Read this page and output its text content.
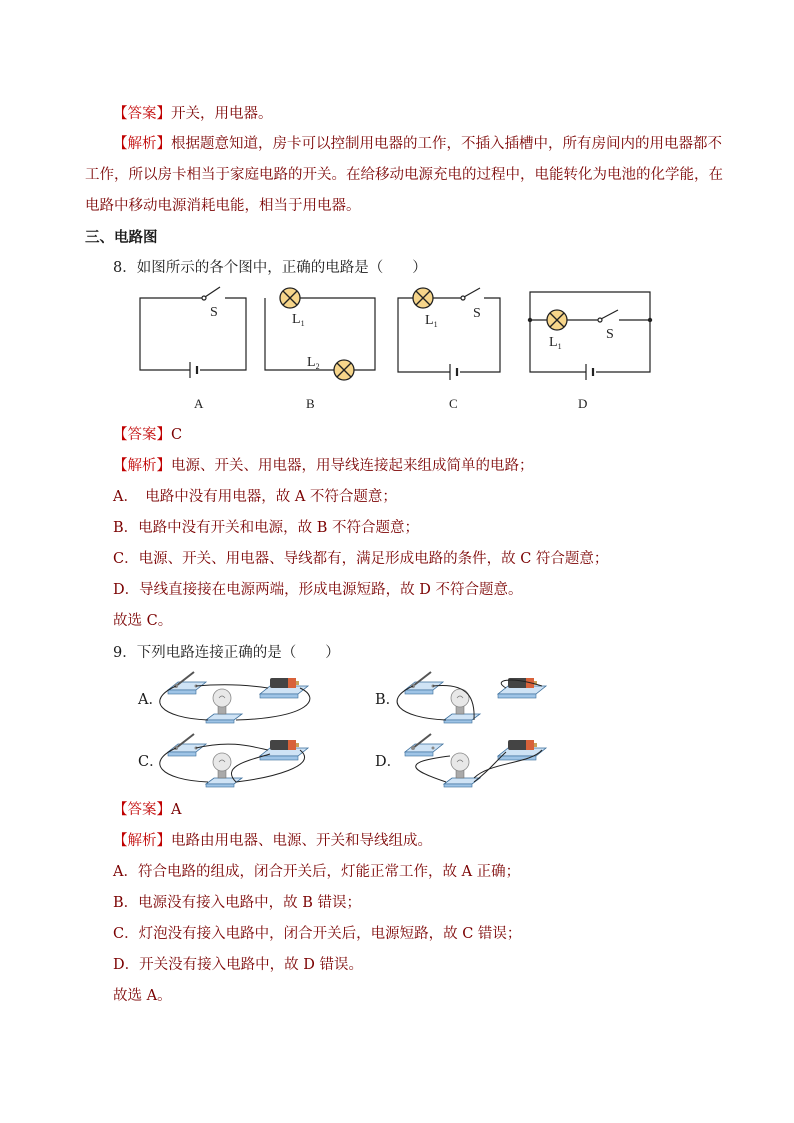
【答案】开关，用电器。
【解析】根据题意知道，房卡可以控制用电器的工作，不插入插槽中，所有房间内的用电器都不
工作，所以房卡相当于家庭电路的开关。在给移动电源充电的过程中，电能转化为电池的化学能，在
电路中移动电源消耗电能，相当于用电器。
三、电路图
8．如图所示的各个图中，正确的电路是（　　）
S	$L_1$
$L_2$
$L_1$
S
$L_1$
S
A	B	C	D
【答案】C
【解析】电源、开关、用电器，用导线连接起来组成简单的电路；
A．　电路中没有用电器，故 A 不符合题意；
B．电路中没有开关和电源，故 B 不符合题意；
C．电源、开关、用电器、导线都有，满足形成电路的条件，故 C 符合题意；
D．导线直接接在电源两端，形成电源短路，故 D 不符合题意。
故选 C。
9．下列电路连接正确的是（　　）
A．	B．
C．	D．
【答案】A
【解析】电路由用电器、电源、开关和导线组成。
A．符合电路的组成，闭合开关后，灯能正常工作，故 A 正确；
B．电源没有接入电路中，故 B 错误；
C．灯泡没有接入电路中，闭合开关后，电源短路，故 C 错误；
D．开关没有接入电路中，故 D 错误。
故选 A。
